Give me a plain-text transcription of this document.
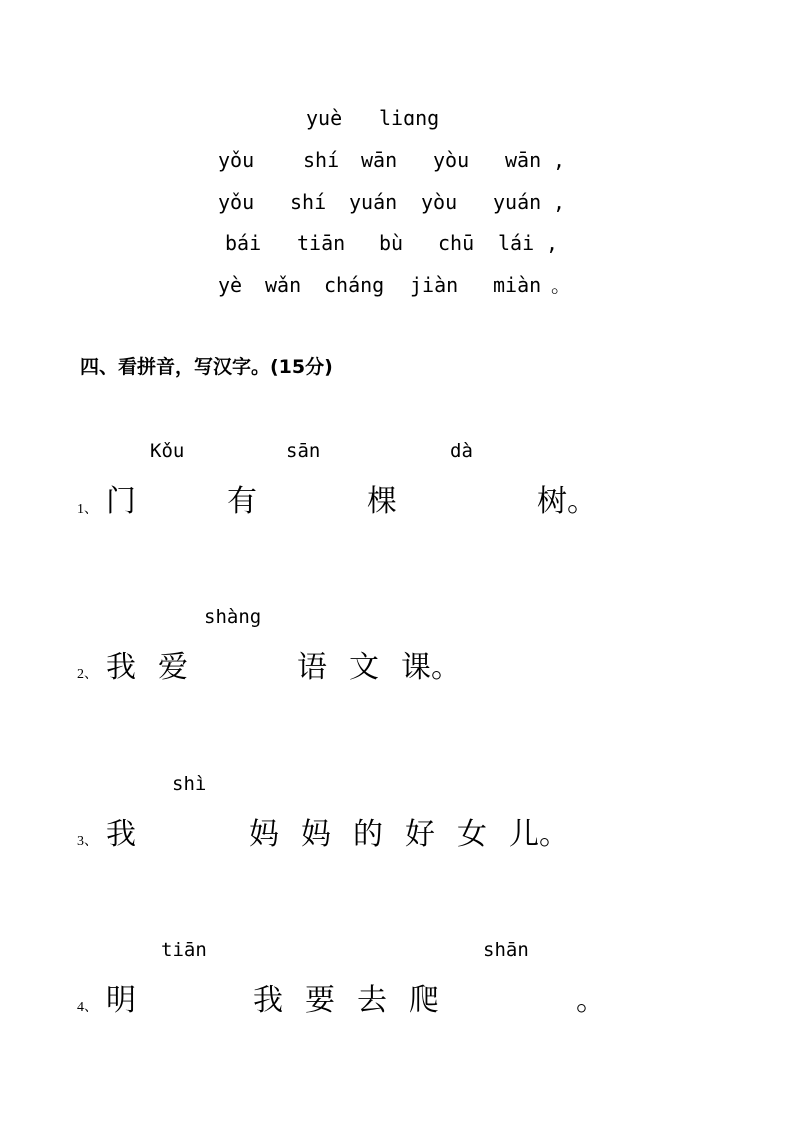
yuè liɑng
yǒu shí wān yòu wān ,
yǒu shí yuán yòu yuán ,
bái tiān bù chū lái ,
yè wǎn cháng jiàn miàn 。
四、看拼音，写汉字。(15分)
Kǒu	sān	dà
1、 门	有	棵	树。
shàng
2、 我 爱	语 文 课。
shì
3、 我	妈 妈 的 好 女 儿。
tiān	shān
4、 明	我 要 去 爬	。
